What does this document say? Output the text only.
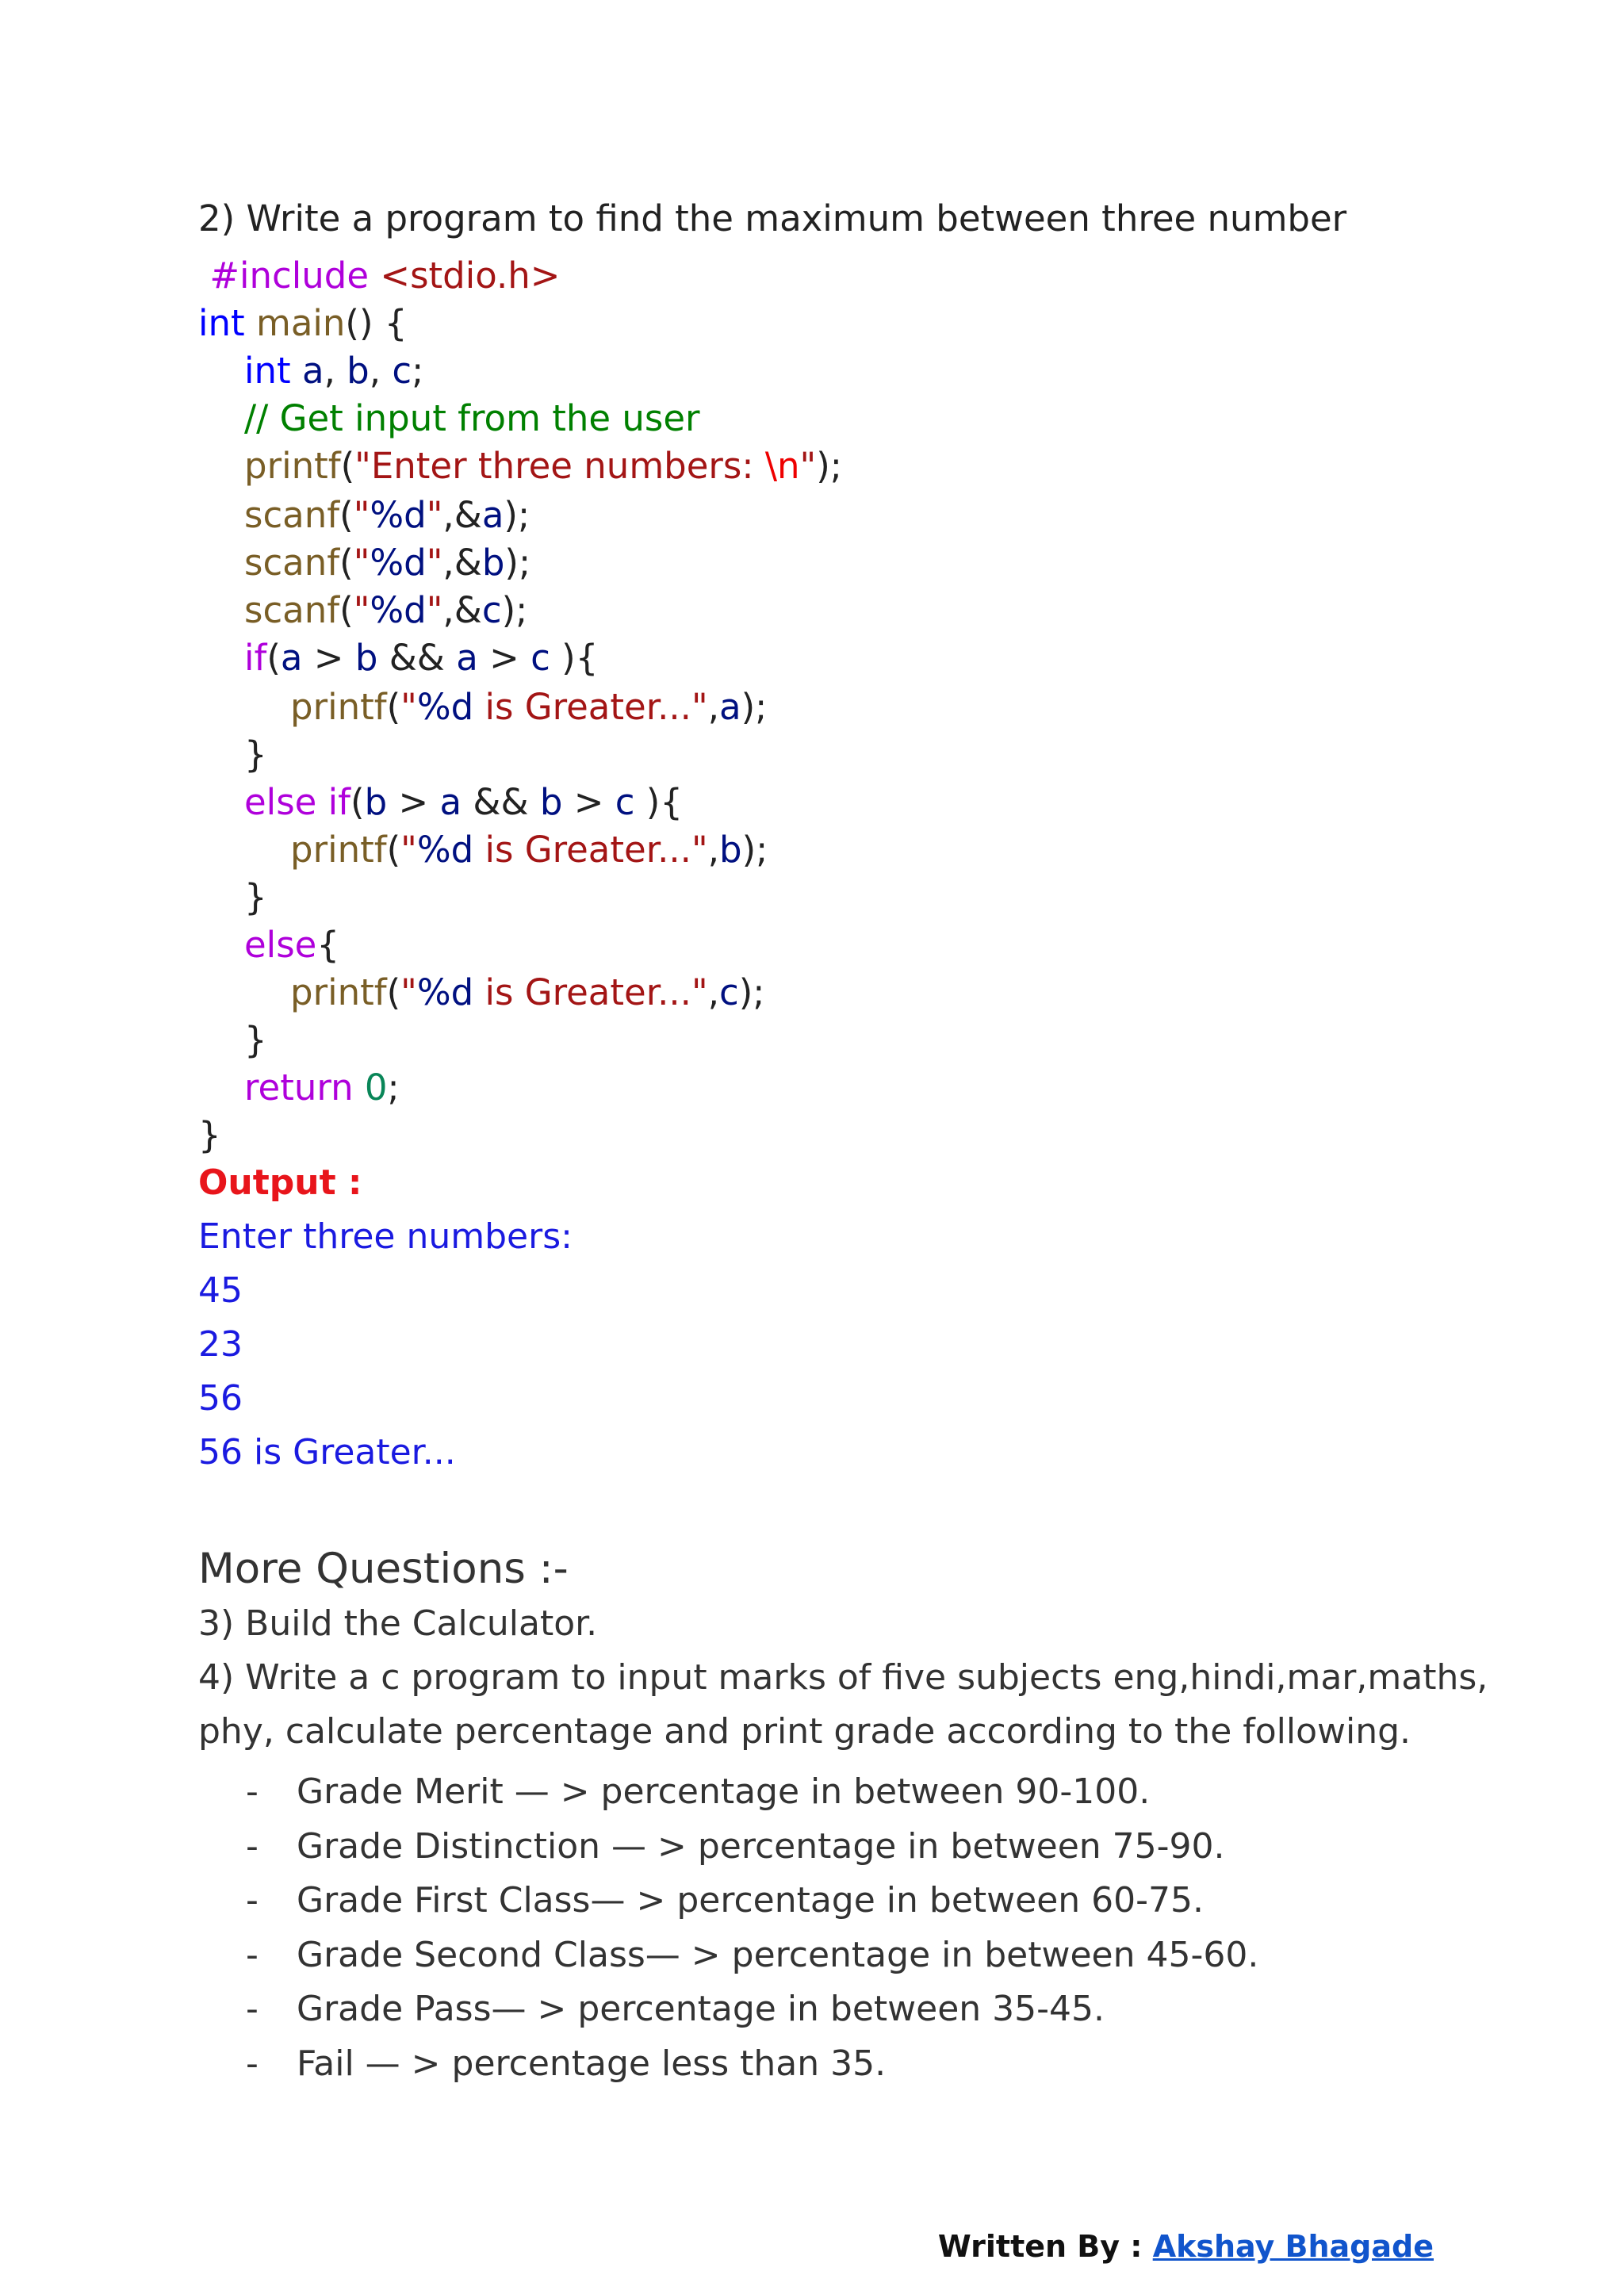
2) Write a program to find the maximum between three number
#include <stdio.h>
int main() {
int a, b, c;
// Get input from the user
printf("Enter three numbers: \n");
scanf("%d",&a);
scanf("%d",&b);
scanf("%d",&c);
if(a > b && a > c ){
printf("%d is Greater...",a);
}
else if(b > a && b > c ){
printf("%d is Greater...",b);
}
else{
printf("%d is Greater...",c);
}
return 0;
}
Output :
Enter three numbers:
45
23
56
56 is Greater...
More Questions :-
3) Build the Calculator.
4) Write a c program to input marks of five subjects eng,hindi,mar,maths,
phy, calculate percentage and print grade according to the following.
- Grade Merit — > percentage in between 90-100.
- Grade Distinction — > percentage in between 75-90.
- Grade First Class— > percentage in between 60-75.
- Grade Second Class— > percentage in between 45-60.
- Grade Pass— > percentage in between 35-45.
- Fail — > percentage less than 35.
Written By : Akshay Bhagade
